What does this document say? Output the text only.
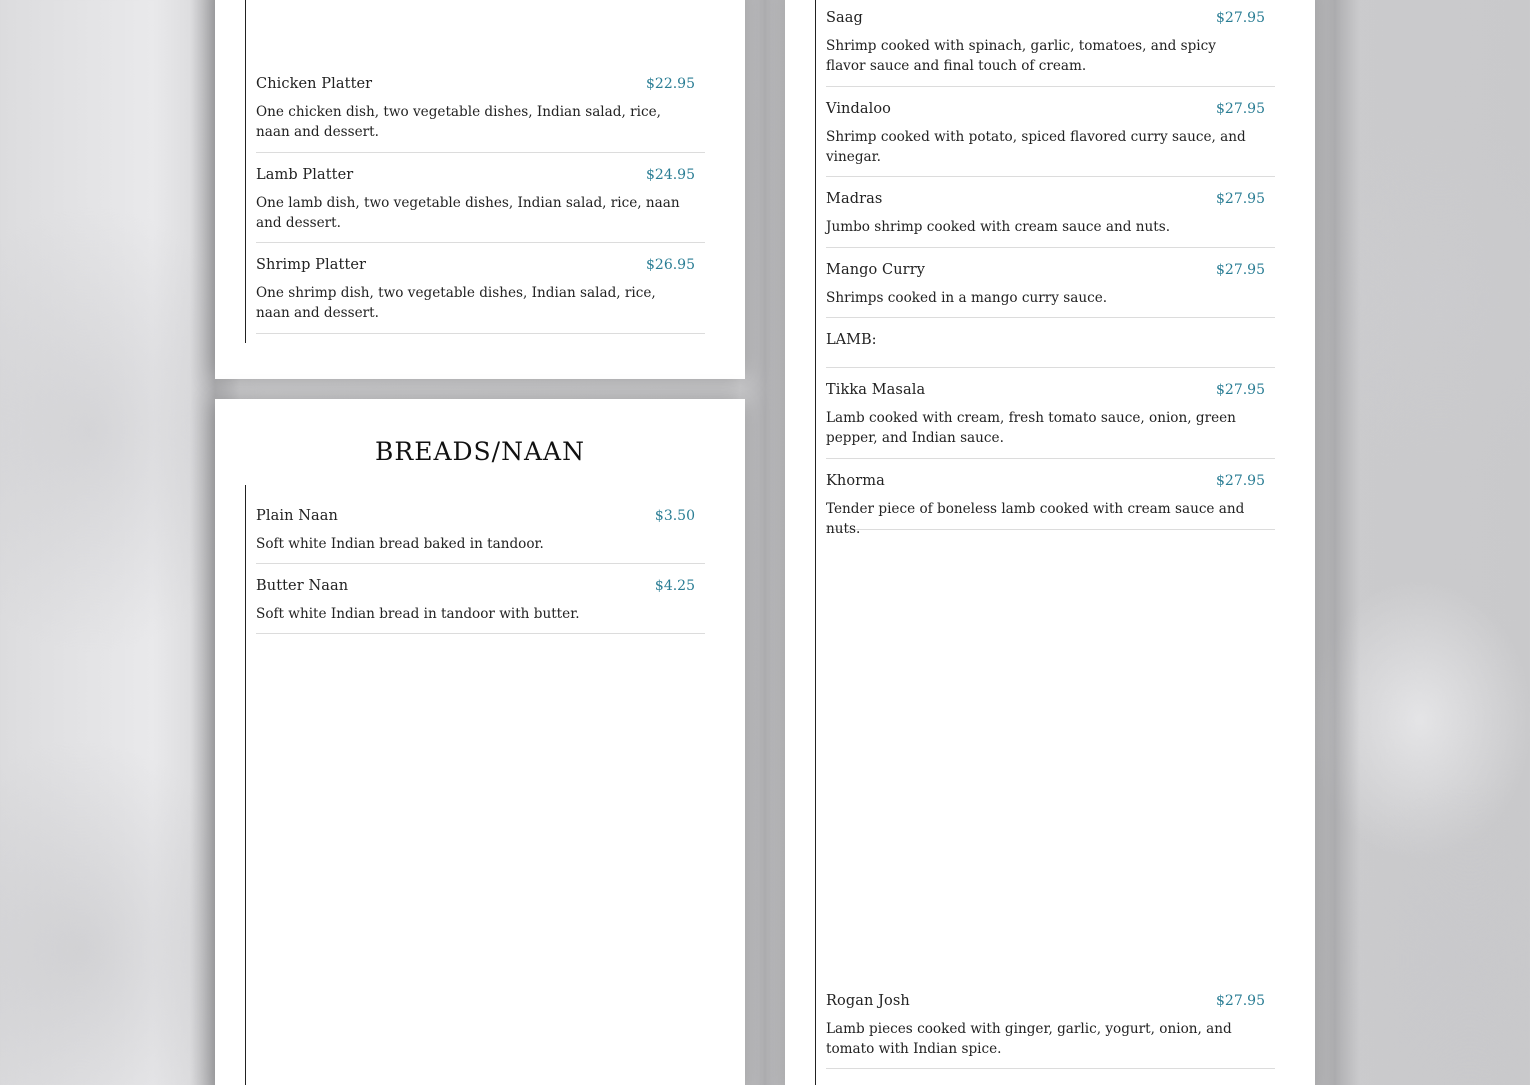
Chicken Platter	$22.95
One chicken dish, two vegetable dishes, Indian salad, rice, naan and dessert.
Lamb Platter	$24.95
One lamb dish, two vegetable dishes, Indian salad, rice, naan and dessert.
Shrimp Platter	$26.95
One shrimp dish, two vegetable dishes, Indian salad, rice, naan and dessert.
BREADS/NAAN
Plain Naan	$3.50
Soft white Indian bread baked in tandoor.
Butter Naan	$4.25
Soft white Indian bread in tandoor with butter.
Saag	$27.95
Shrimp cooked with spinach, garlic, tomatoes, and spicy flavor sauce and final touch of cream.
Vindaloo	$27.95
Shrimp cooked with potato, spiced flavored curry sauce, and vinegar.
Madras	$27.95
Jumbo shrimp cooked with cream sauce and nuts.
Mango Curry	$27.95
Shrimps cooked in a mango curry sauce.
LAMB:
Tikka Masala	$27.95
Lamb cooked with cream, fresh tomato sauce, onion, green pepper, and Indian sauce.
Khorma	$27.95
Tender piece of boneless lamb cooked with cream sauce and nuts.
Rogan Josh	$27.95
Lamb pieces cooked with ginger, garlic, yogurt, onion, and tomato with Indian spice.
